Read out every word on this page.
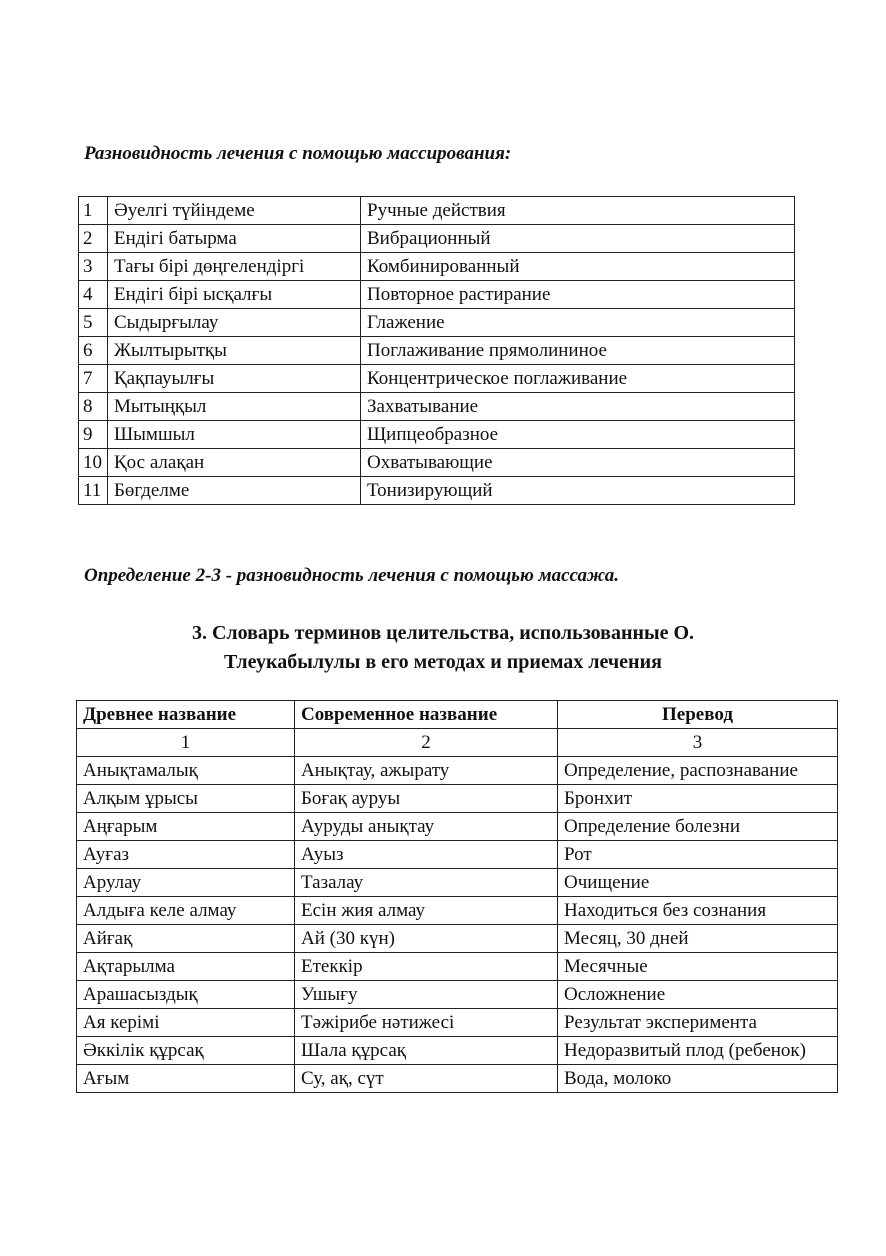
Разновидность лечения с помощью массирования:
1	Әуелгі түйіндеме	Ручные действия
2	Ендігі батырма	Вибрационный
3	Тағы бірі дөңгелендіргі	Комбинированный
4	Ендігі бірі ысқалғы	Повторное растирание
5	Сыдырғылау	Глажение
6	Жылтырытқы	Поглаживание прямолининое
7	Қақпауылғы	Концентрическое поглаживание
8	Мытыңқыл	Захватывание
9	Шымшыл	Щипцеобразное
10	Қос алақан	Охватывающие
11	Бөгделме	Тонизирующий
Определение 2-3 - разновидность лечения с помощью массажа.
3. Словарь терминов целительства, использованные О.
Тлеукабылулы в его методах и приемах лечения
Древнее название	Современное название	Перевод
1	2	3
Анықтамалық	Анықтау, ажырату	Определение, распознавание
Алқым ұрысы	Боғақ ауруы	Бронхит
Аңғарым	Ауруды анықтау	Определение болезни
Ауғаз	Ауыз	Рот
Арулау	Тазалау	Очищение
Алдыға келе алмау	Есін жия алмау	Находиться без сознания
Айғақ	Ай (30 күн)	Месяц, 30 дней
Ақтарылма	Етеккір	Месячные
Арашасыздық	Ушығу	Осложнение
Ая керімі	Тәжірибе нәтижесі	Результат эксперимента
Әккілік құрсақ	Шала құрсақ	Недоразвитый плод (ребенок)
Ағым	Су, ақ, сүт	Вода, молоко
